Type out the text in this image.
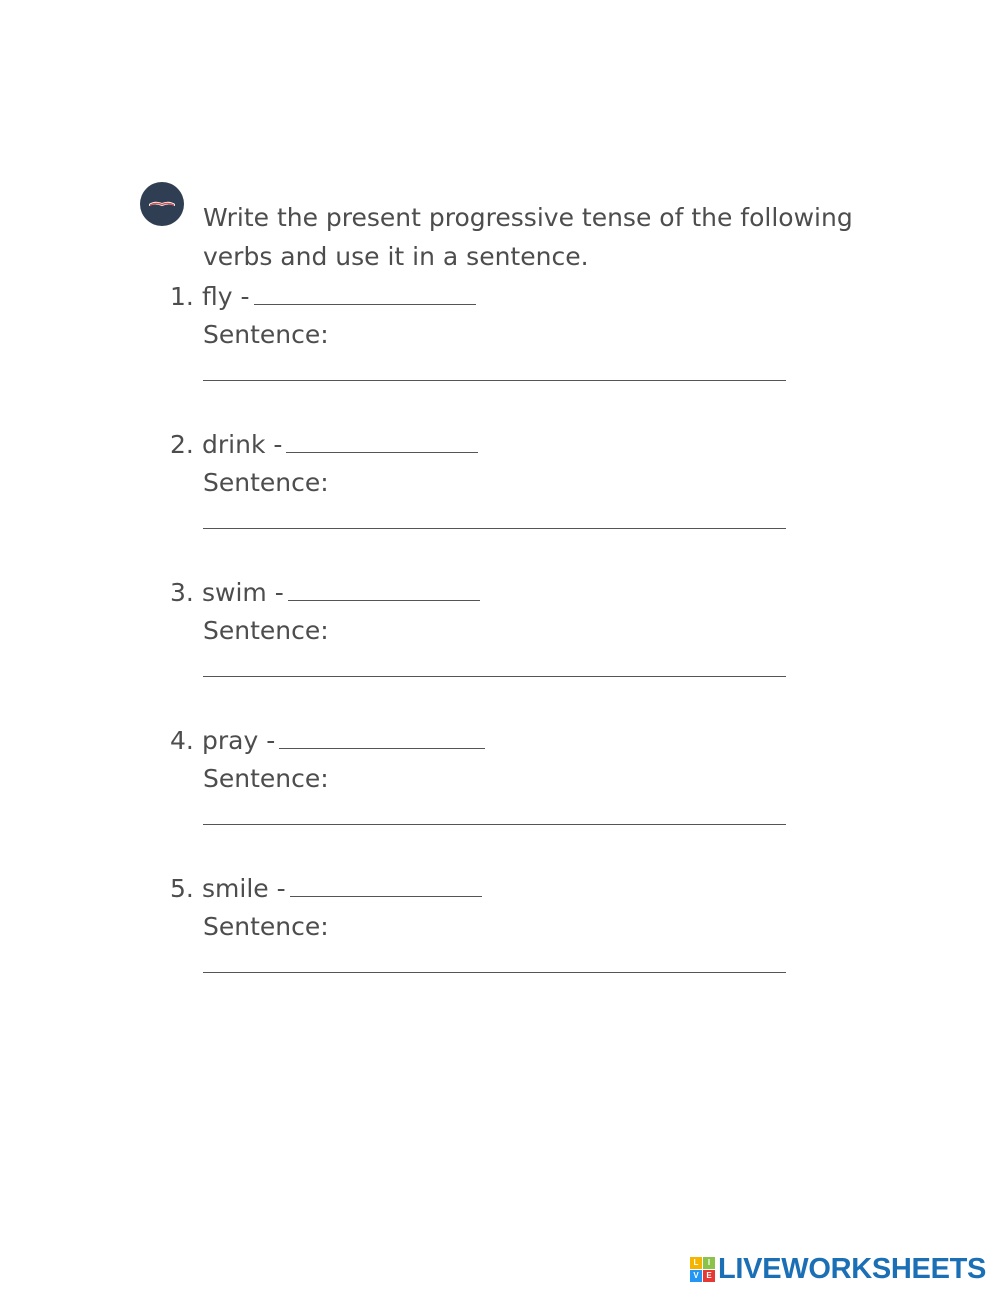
Write the present progressive tense of the following
verbs and use it in a sentence.
1. fly -
Sentence:
2. drink -
Sentence:
3. swim -
Sentence:
4. pray -
Sentence:
5. smile -
Sentence:
L	I
V E LIVEWORKSHEETS
